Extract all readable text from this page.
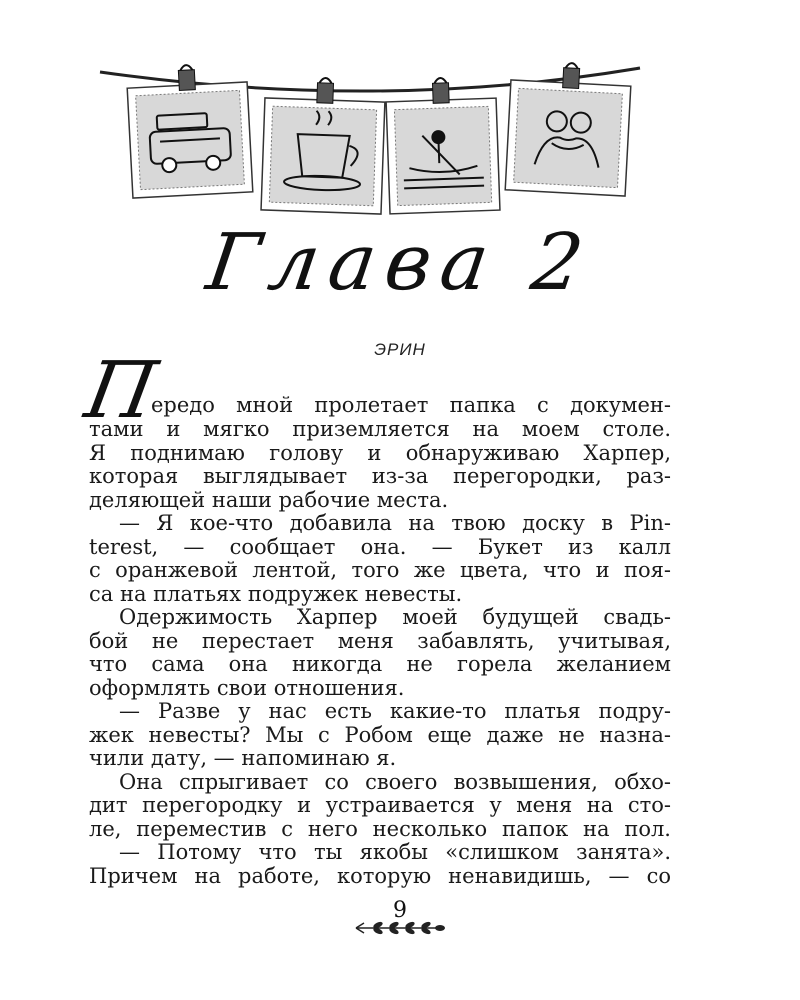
Глава 2
ЭРИН
П
ередо мной пролетает папка с докумен-
тами и мягко приземляется на моем столе.
Я поднимаю голову и обнаруживаю Харпер,
которая выглядывает из-за перегородки, раз-
деляющей наши рабочие места.
— Я кое-что добавила на твою доску в Pin-
terest, — сообщает она. — Букет из калл
с оранжевой лентой, того же цвета, что и поя-
са на платьях подружек невесты.
Одержимость Харпер моей будущей свадь-
бой не перестает меня забавлять, учитывая,
что сама она никогда не горела желанием
оформлять свои отношения.
— Разве у нас есть какие-то платья подру-
жек невесты? Мы с Робом еще даже не назна-
чили дату, — напоминаю я.
Она спрыгивает со своего возвышения, обхо-
дит перегородку и устраивается у меня на сто-
ле, переместив с него несколько папок на пол.
— Потому что ты якобы «слишком занята».
Причем на работе, которую ненавидишь, — со
9
